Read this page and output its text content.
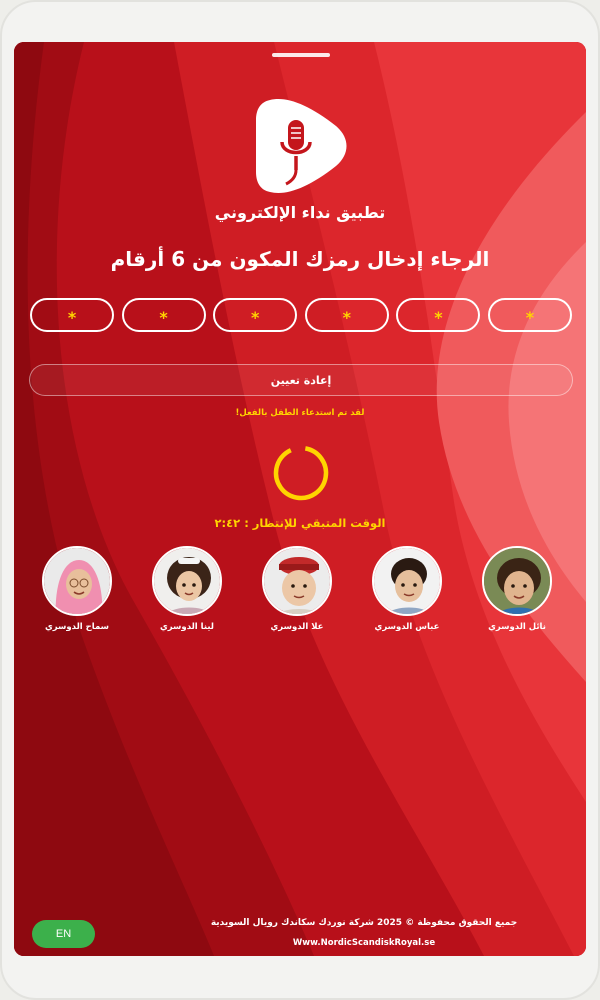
تطبيق نداء الإلكتروني
الرجاء إدخال رمزك المكون من 6 أرقام
*	*	*	*	*	*
إعادة تعيين
لقد تم استدعاء الطفل بالفعل!
الوقت المتبقي للإنتظار : ٢:٤٢
نائل الدوسري
عباس الدوسري
علا الدوسري
لينا الدوسري
سماح الدوسري
جميع الحقوق محفوظة © 2025 شركة نوردك سكاندك رويال السويدية
Www.NordicScandiskRoyal.se
EN
